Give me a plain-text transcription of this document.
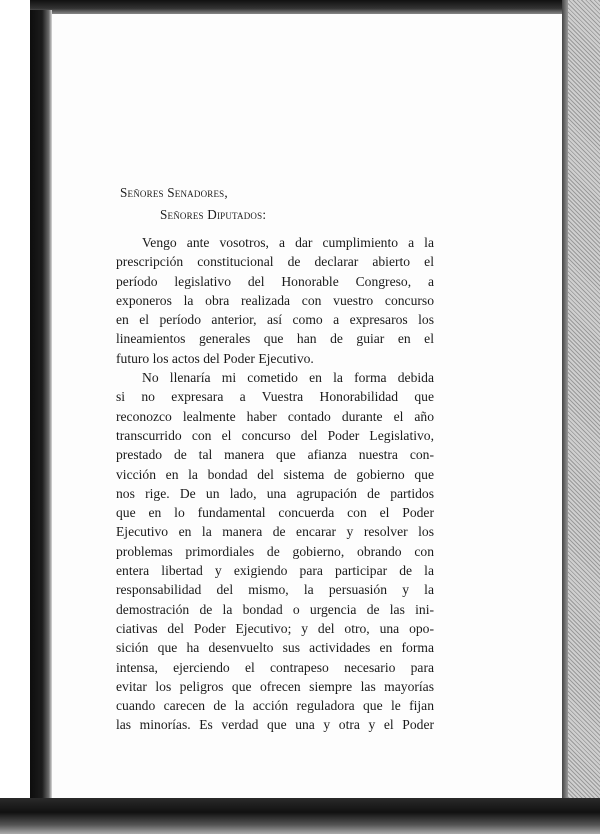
Señores Senadores,
Señores Diputados:
Vengo ante vosotros, a dar cumplimiento a la
prescripción constitucional de declarar abierto el
período legislativo del Honorable Congreso, a
exponeros la obra realizada con vuestro concurso
en el período anterior, así como a expresaros los
lineamientos generales que han de guiar en el
futuro los actos del Poder Ejecutivo.
No llenaría mi cometido en la forma debida
si no expresara a Vuestra Honorabilidad que
reconozco lealmente haber contado durante el año
transcurrido con el concurso del Poder Legislativo,
prestado de tal manera que afianza nuestra con-
vicción en la bondad del sistema de gobierno que
nos rige. De un lado, una agrupación de partidos
que en lo fundamental concuerda con el Poder
Ejecutivo en la manera de encarar y resolver los
problemas primordiales de gobierno, obrando con
entera libertad y exigiendo para participar de la
responsabilidad del mismo, la persuasión y la
demostración de la bondad o urgencia de las ini-
ciativas del Poder Ejecutivo; y del otro, una opo-
sición que ha desenvuelto sus actividades en forma
intensa, ejerciendo el contrapeso necesario para
evitar los peligros que ofrecen siempre las mayorías
cuando carecen de la acción reguladora que le fijan
las minorías. Es verdad que una y otra y el Poder
